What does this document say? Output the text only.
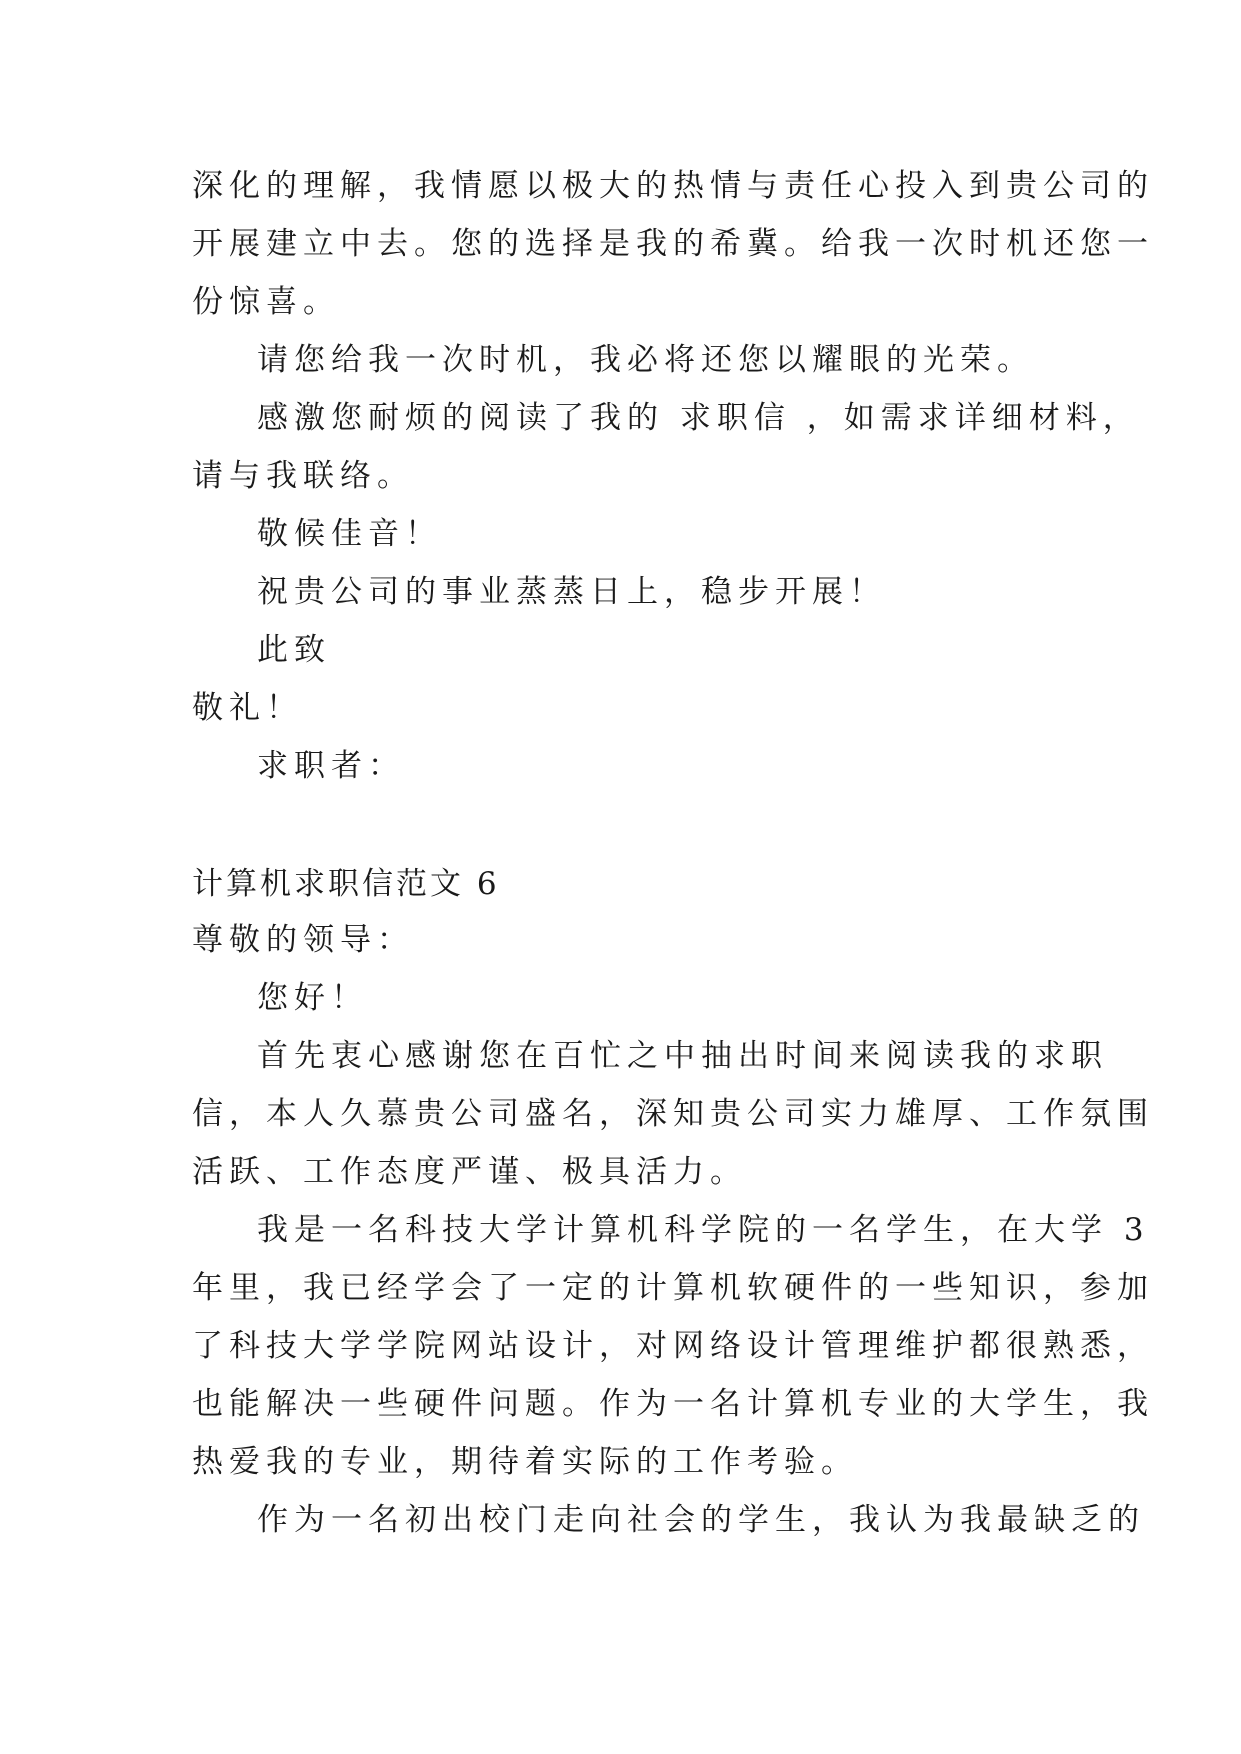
深化的理解，我情愿以极大的热情与责任心投入到贵公司的
开展建立中去。您的选择是我的希冀。给我一次时机还您一
份惊喜。
请您给我一次时机，我必将还您以耀眼的光荣。
感激您耐烦的阅读了我的 求职信 ，如需求详细材料，
请与我联络。
敬候佳音！
祝贵公司的事业蒸蒸日上，稳步开展！
此致
敬礼！
求职者：
计算机求职信范文 6
尊敬的领导：
您好！
首先衷心感谢您在百忙之中抽出时间来阅读我的求职
信，本人久慕贵公司盛名，深知贵公司实力雄厚、工作氛围
活跃、工作态度严谨、极具活力。
我是一名科技大学计算机科学院的一名学生，在大学 3
年里，我已经学会了一定的计算机软硬件的一些知识，参加
了科技大学学院网站设计，对网络设计管理维护都很熟悉，
也能解决一些硬件问题。作为一名计算机专业的大学生，我
热爱我的专业，期待着实际的工作考验。
作为一名初出校门走向社会的学生，我认为我最缺乏的
